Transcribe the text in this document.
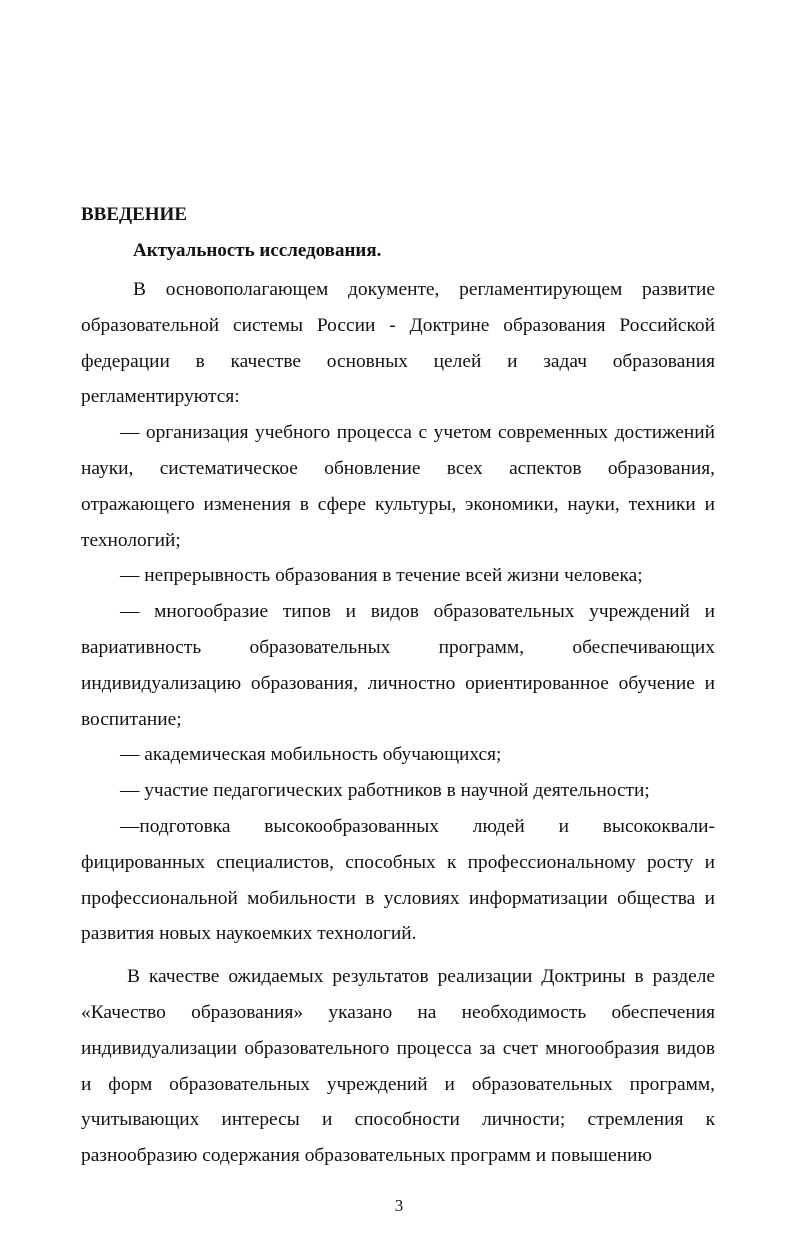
ВВЕДЕНИЕ
Актуальность исследования.

В основополагающем документе, регламентирующем развитие образовательной системы России - Доктрине образования Российской федерации в качестве основных целей и задач образования регламентируются:

— организация учебного процесса с учетом современных достижений науки, систематическое обновление всех аспектов образования, отражающего изменения в сфере культуры, экономики, науки, техники и технологий;

— непрерывность образования в течение всей жизни человека;

— многообразие типов и видов образовательных учреждений и вариативность образовательных программ, обеспечивающих индивидуализацию образования, личностно ориентированное обучение и воспитание;

— академическая мобильность обучающихся;

— участие педагогических работников в научной деятельности;

—подготовка высокообразованных людей и высококвали-фицированных специалистов, способных к профессиональному росту и профессиональной мобильности в условиях информатизации общества и развития новых наукоемких технологий.

В качестве ожидаемых результатов реализации Доктрины в разделе «Качество образования» указано на необходимость обеспечения индивидуализации образовательного процесса за счет многообразия видов и форм образовательных учреждений и образовательных программ, учитывающих интересы и способности личности; стремления к разнообразию содержания образовательных программ и повышению

3
